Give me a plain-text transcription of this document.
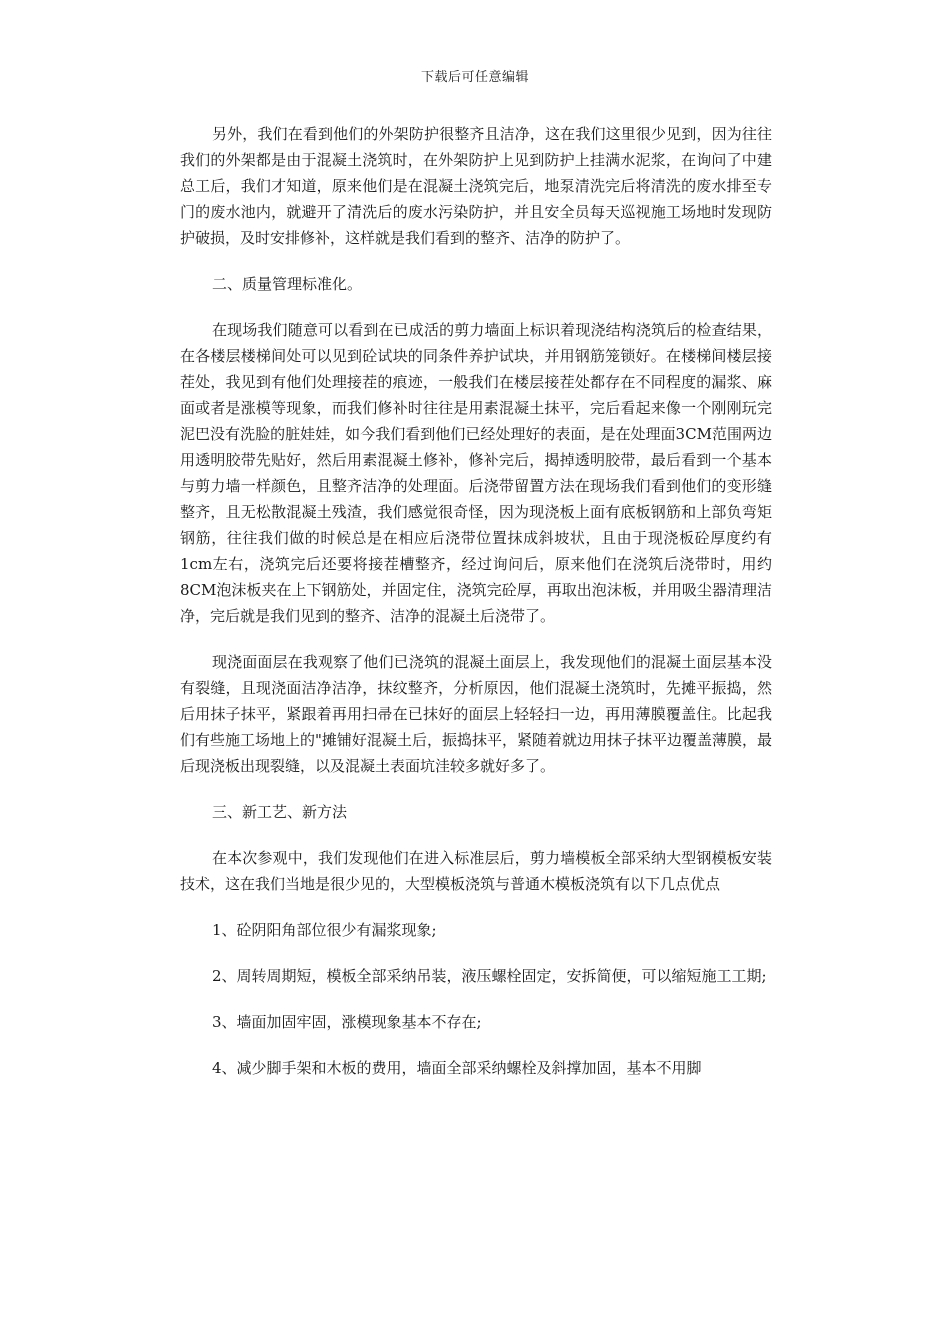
下载后可任意编辑

另外，我们在看到他们的外架防护很整齐且洁净，这在我们这里很少见到，因为往往我们的外架都是由于混凝土浇筑时，在外架防护上见到防护上挂满水泥浆，在询问了中建总工后，我们才知道，原来他们是在混凝土浇筑完后，地泵清洗完后将清洗的废水排至专门的废水池内，就避开了清洗后的废水污染防护，并且安全员每天巡视施工场地时发现防护破损，及时安排修补，这样就是我们看到的整齐、洁净的防护了。

二、质量管理标准化。

在现场我们随意可以看到在已成活的剪力墙面上标识着现浇结构浇筑后的检查结果，在各楼层楼梯间处可以见到砼试块的同条件养护试块，并用钢筋笼锁好。在楼梯间楼层接茬处，我见到有他们处理接茬的痕迹，一般我们在楼层接茬处都存在不同程度的漏浆、麻面或者是涨模等现象，而我们修补时往往是用素混凝土抹平，完后看起来像一个刚刚玩完泥巴没有洗脸的脏娃娃，如今我们看到他们已经处理好的表面，是在处理面3CM范围两边用透明胶带先贴好，然后用素混凝土修补，修补完后，揭掉透明胶带，最后看到一个基本与剪力墙一样颜色，且整齐洁净的处理面。后浇带留置方法在现场我们看到他们的变形缝整齐，且无松散混凝土残渣，我们感觉很奇怪，因为现浇板上面有底板钢筋和上部负弯矩钢筋，往往我们做的时候总是在相应后浇带位置抹成斜坡状，且由于现浇板砼厚度约有1cm左右，浇筑完后还要将接茬槽整齐，经过询问后，原来他们在浇筑后浇带时，用约8CM泡沫板夹在上下钢筋处，并固定住，浇筑完砼厚，再取出泡沫板，并用吸尘器清理洁净，完后就是我们见到的整齐、洁净的混凝土后浇带了。

现浇面面层在我观察了他们已浇筑的混凝土面层上，我发现他们的混凝土面层基本没有裂缝，且现浇面洁净洁净，抹纹整齐，分析原因，他们混凝土浇筑时，先摊平振捣，然后用抹子抹平，紧跟着再用扫帚在已抹好的面层上轻轻扫一边，再用薄膜覆盖住。比起我们有些施工场地上的"摊铺好混凝土后，振捣抹平，紧随着就边用抹子抹平边覆盖薄膜，最后现浇板出现裂缝，以及混凝土表面坑洼较多就好多了。

三、新工艺、新方法

在本次参观中，我们发现他们在进入标准层后，剪力墙模板全部采纳大型钢模板安装技术，这在我们当地是很少见的，大型模板浇筑与普通木模板浇筑有以下几点优点

1、砼阴阳角部位很少有漏浆现象;

2、周转周期短，模板全部采纳吊装，液压螺栓固定，安拆简便，可以缩短施工工期;

3、墙面加固牢固，涨模现象基本不存在;

4、减少脚手架和木板的费用，墙面全部采纳螺栓及斜撑加固，基本不用脚
